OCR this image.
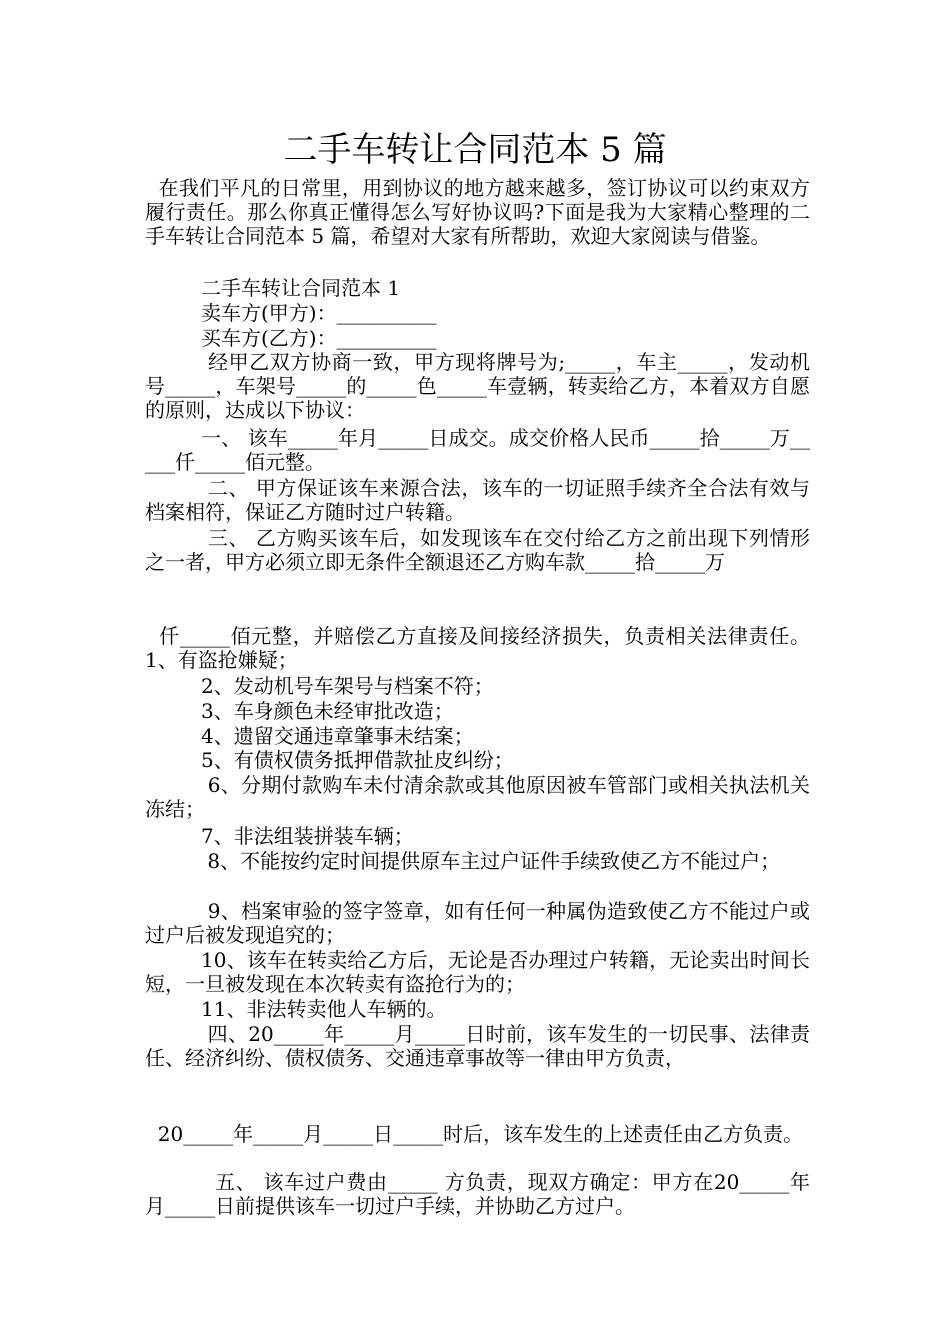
二手车转让合同范本 5 篇

在我们平凡的日常里，用到协议的地方越来越多，签订协议可以约束双方履行责任。那么你真正懂得怎么写好协议吗?下面是我为大家精心整理的二手车转让合同范本 5 篇，希望对大家有所帮助，欢迎大家阅读与借鉴。

二手车转让合同范本 1

卖车方(甲方)：__________

买车方(乙方)：__________

经甲乙双方协商一致，甲方现将牌号为;_____，车主_____，发动机号_____，车架号_____的_____色_____车壹辆，转卖给乙方，本着双方自愿的原则，达成以下协议：

一、 该车_____年月_____日成交。成交价格人民币_____拾_____万_____仟_____佰元整。

二、 甲方保证该车来源合法，该车的一切证照手续齐全合法有效与档案相符，保证乙方随时过户转籍。

三、 乙方购买该车后，如发现该车在交付给乙方之前出现下列情形之一者，甲方必须立即无条件全额退还乙方购车款_____拾_____万

仟_____佰元整，并赔偿乙方直接及间接经济损失，负责相关法律责任。1、有盗抢嫌疑；

2、发动机号车架号与档案不符；

3、车身颜色未经审批改造；

4、遗留交通违章肇事未结案；

5、有债权债务抵押借款扯皮纠纷；

6、分期付款购车未付清余款或其他原因被车管部门或相关执法机关冻结；

7、非法组装拼装车辆；

8、不能按约定时间提供原车主过户证件手续致使乙方不能过户；

9、档案审验的签字签章，如有任何一种属伪造致使乙方不能过户或过户后被发现追究的；

10、该车在转卖给乙方后，无论是否办理过户转籍，无论卖出时间长短，一旦被发现在本次转卖有盗抢行为的；

11、非法转卖他人车辆的。

四、20_____年_____月_____日时前，该车发生的一切民事、法律责任、经济纠纷、债权债务、交通违章事故等一律由甲方负责，

20_____年_____月_____日_____时后，该车发生的上述责任由乙方负责。

五、 该车过户费由_____ 方负责，现双方确定：甲方在20_____年 月_____日前提供该车一切过户手续，并协助乙方过户。
